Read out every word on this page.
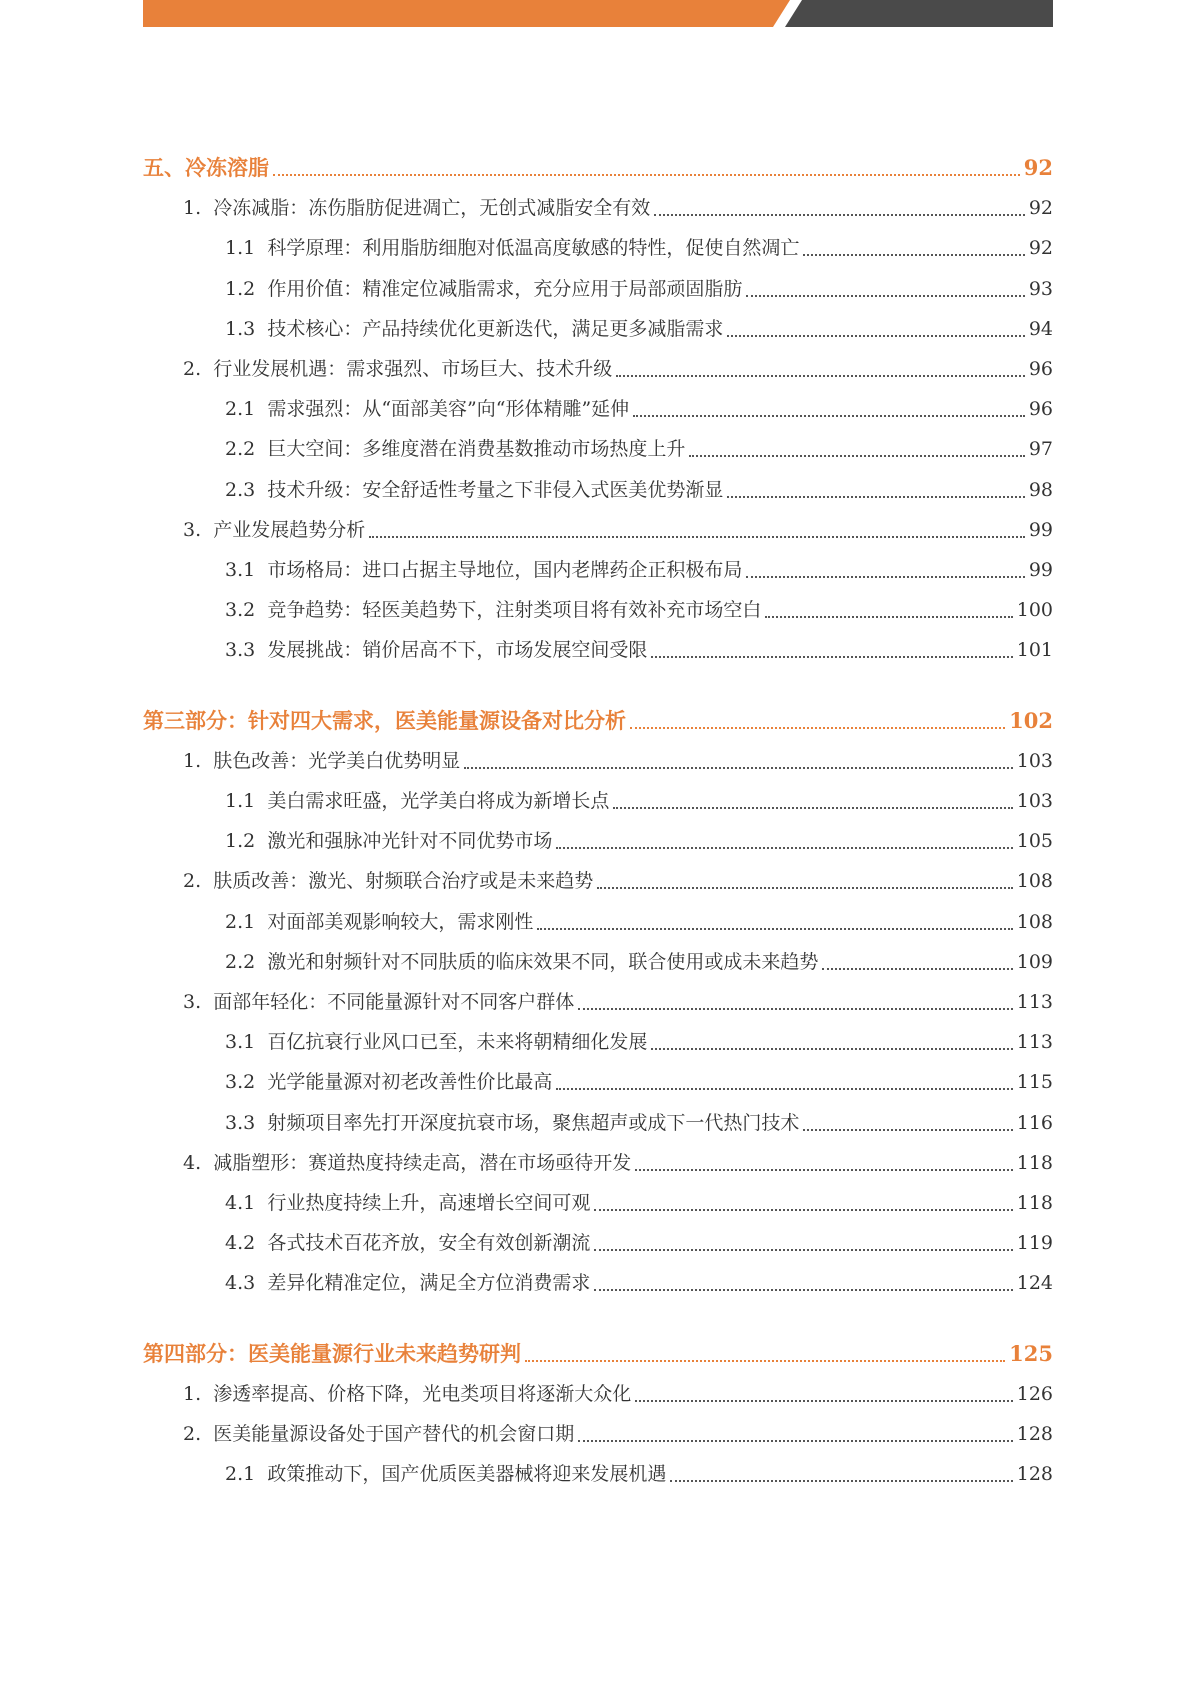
五、冷冻溶脂	92
1. 冷冻减脂：冻伤脂肪促进凋亡，无创式减脂安全有效	92
1.1 科学原理：利用脂肪细胞对低温高度敏感的特性，促使自然凋亡	92
1.2 作用价值：精准定位减脂需求，充分应用于局部顽固脂肪	93
1.3 技术核心：产品持续优化更新迭代，满足更多减脂需求	94
2. 行业发展机遇：需求强烈、市场巨大、技术升级	96
2.1 需求强烈：从“面部美容”向“形体精雕”延伸	96
2.2 巨大空间：多维度潜在消费基数推动市场热度上升	97
2.3 技术升级：安全舒适性考量之下非侵入式医美优势渐显	98
3. 产业发展趋势分析	99
3.1 市场格局：进口占据主导地位，国内老牌药企正积极布局	99
3.2 竞争趋势：轻医美趋势下，注射类项目将有效补充市场空白	100
3.3 发展挑战：销价居高不下，市场发展空间受限	101
第三部分：针对四大需求，医美能量源设备对比分析	102
1. 肤色改善：光学美白优势明显	103
1.1 美白需求旺盛，光学美白将成为新增长点	103
1.2 激光和强脉冲光针对不同优势市场	105
2. 肤质改善：激光、射频联合治疗或是未来趋势	108
2.1 对面部美观影响较大，需求刚性	108
2.2 激光和射频针对不同肤质的临床效果不同，联合使用或成未来趋势	109
3. 面部年轻化：不同能量源针对不同客户群体	113
3.1 百亿抗衰行业风口已至，未来将朝精细化发展	113
3.2 光学能量源对初老改善性价比最高	115
3.3 射频项目率先打开深度抗衰市场，聚焦超声或成下一代热门技术	116
4. 减脂塑形：赛道热度持续走高，潜在市场亟待开发	118
4.1 行业热度持续上升，高速增长空间可观	118
4.2 各式技术百花齐放，安全有效创新潮流	119
4.3 差异化精准定位，满足全方位消费需求	124
第四部分：医美能量源行业未来趋势研判	125
1. 渗透率提高、价格下降，光电类项目将逐渐大众化	126
2. 医美能量源设备处于国产替代的机会窗口期	128
2.1 政策推动下，国产优质医美器械将迎来发展机遇	128
